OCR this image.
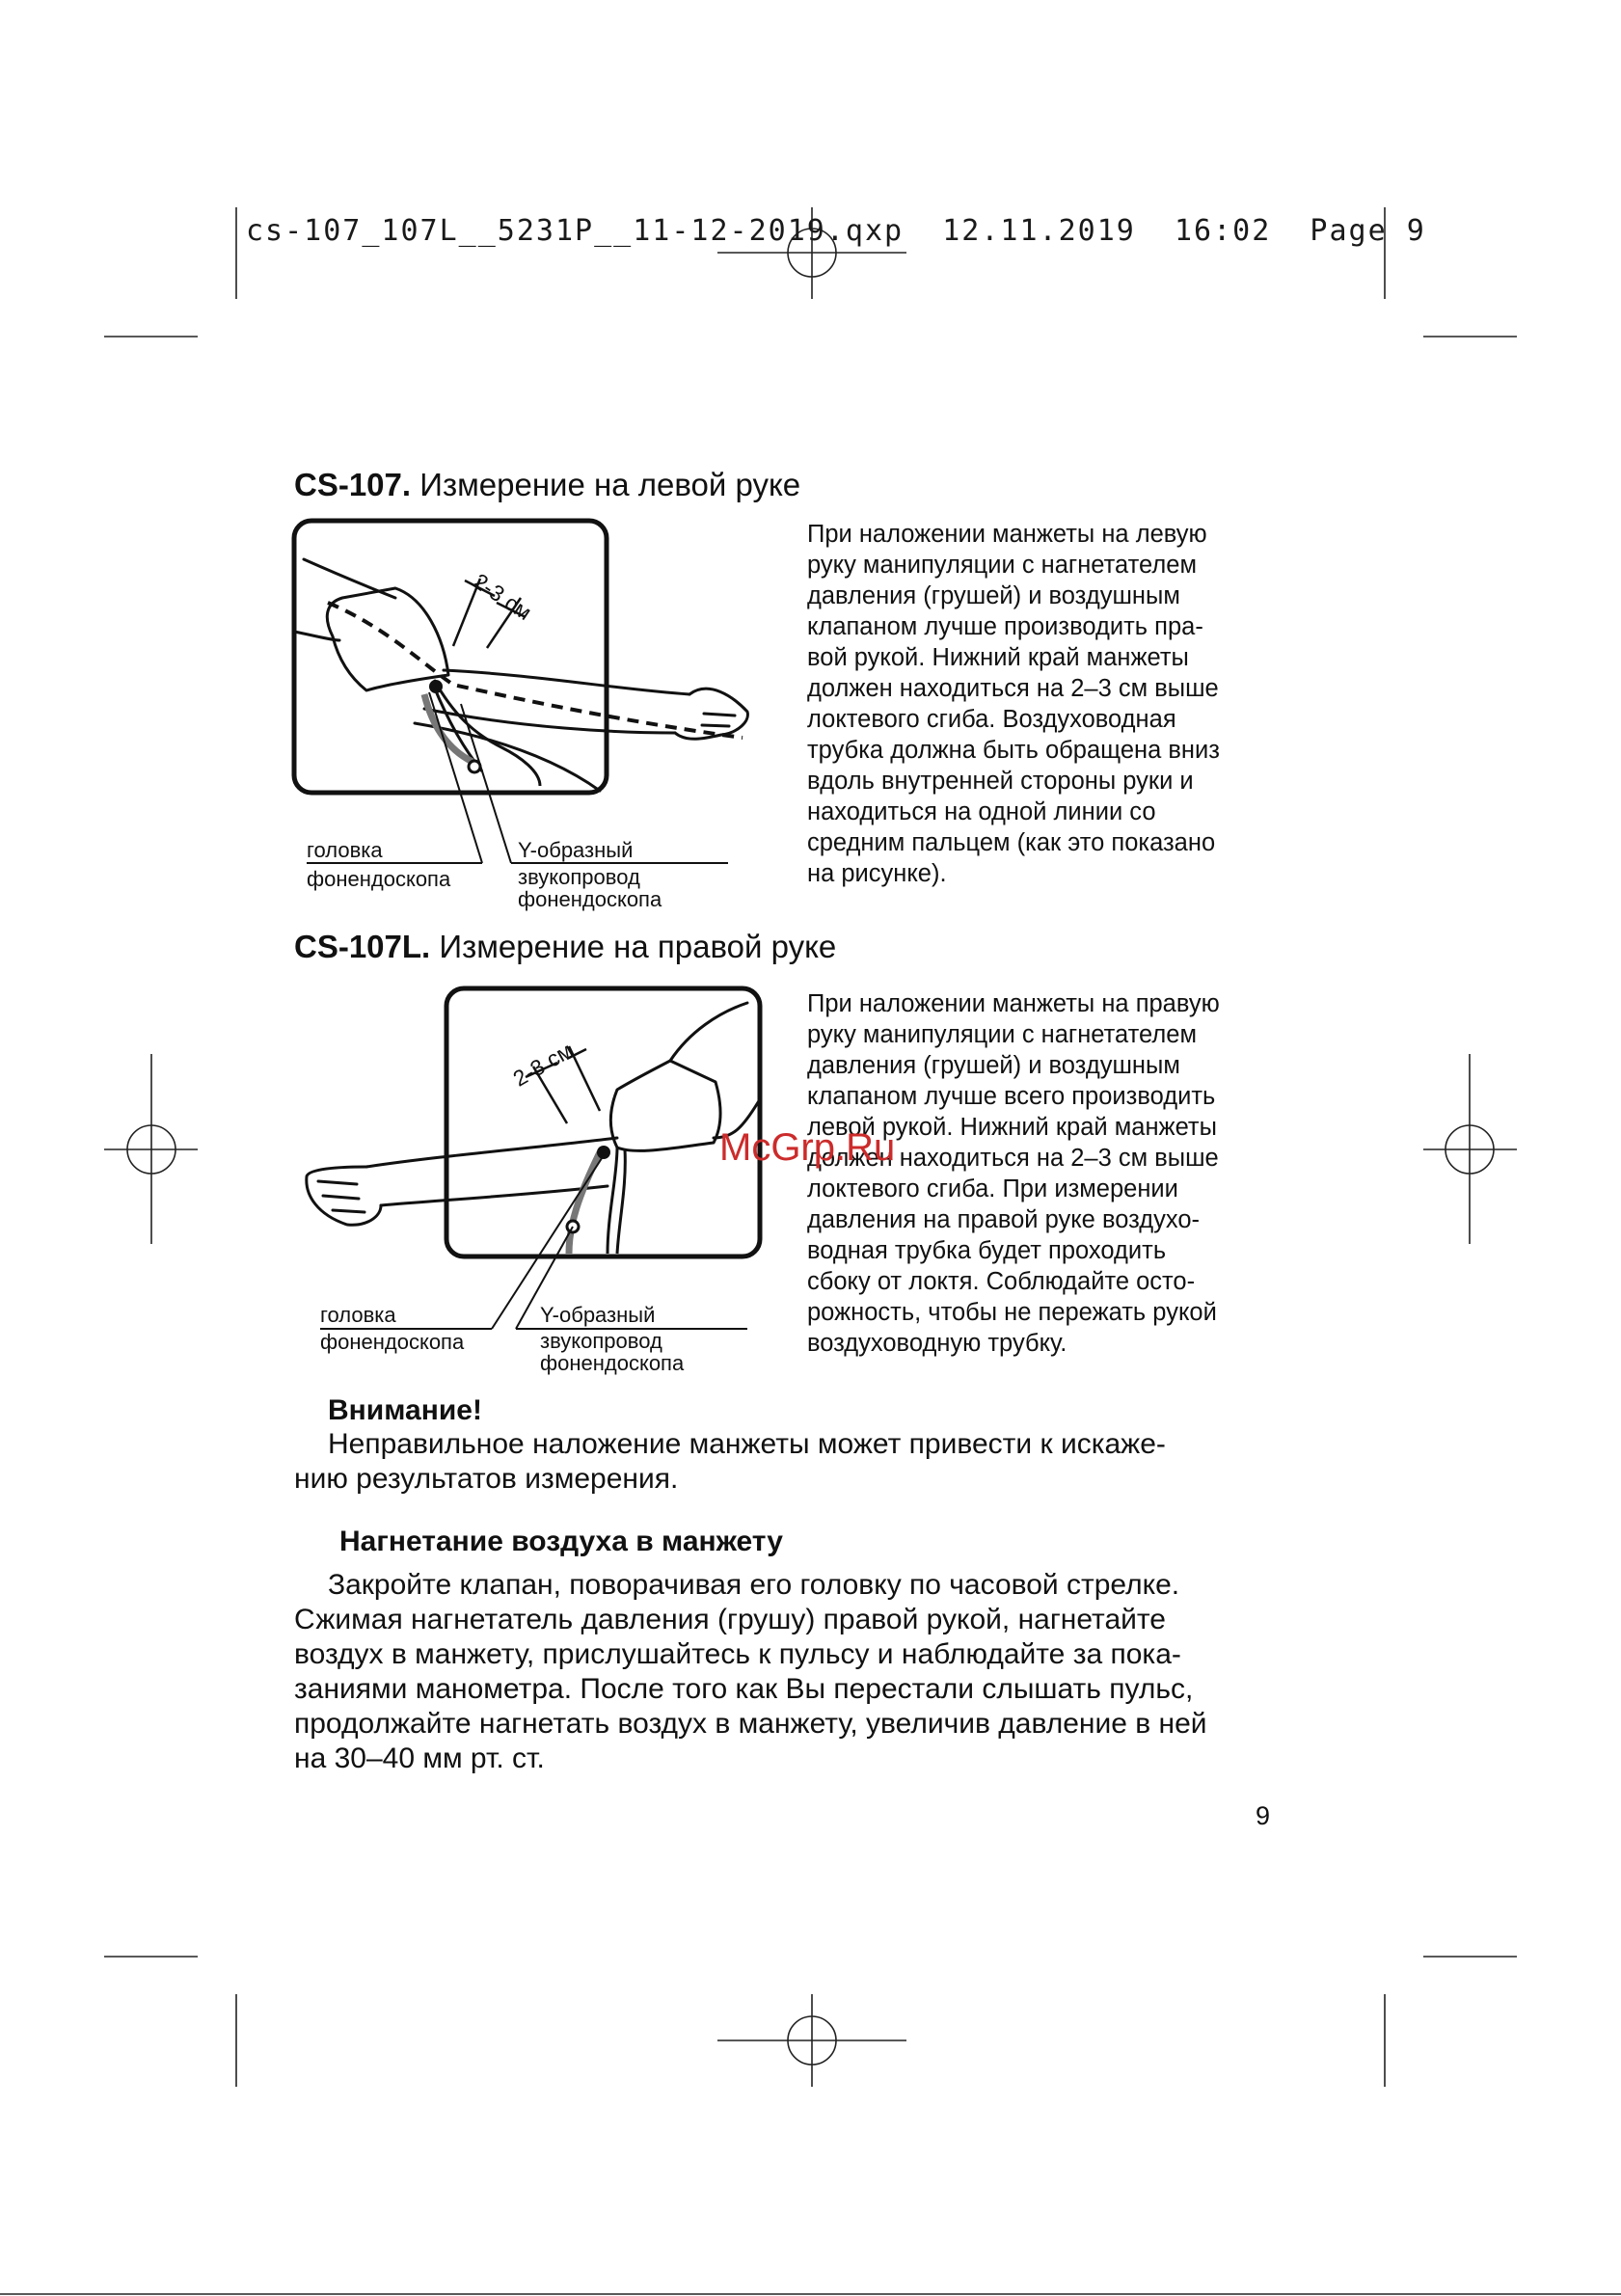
cs-107_107L__5231P__11-12-2019.qxp  12.11.2019  16:02  Page 9
CS-107. Измерение на левой руке
2-3 см
головка
фонендоскопа
Y-образный
звукопровод
фонендоскопа
При наложении манжеты на левую
руку манипуляции с нагнетателем
давления (грушей) и воздушным
клапаном лучше производить пра-
вой рукой. Нижний край манжеты
должен находиться на 2–3 см выше
локтевого сгиба. Воздуховодная
трубка должна быть обращена вниз
вдоль внутренней стороны руки и
находиться на одной линии со
средним пальцем (как это показано
на рисунке).
CS-107L. Измерение на правой руке
2-3 см
головка
фонендоскопа
Y-образный
звукопровод
фонендоскопа
При наложении манжеты на правую
руку манипуляции с нагнетателем
давления (грушей) и воздушным
клапаном лучше всего производить
левой рукой. Нижний край манжеты
должен находиться на 2–3 см выше
локтевого сгиба. При измерении
давления на правой руке воздухо-
водная трубка будет проходить
сбоку от локтя. Соблюдайте осто-
рожность, чтобы не пережать рукой
воздуховодную трубку.
McGrp.Ru
Внимание!
Неправильное наложение манжеты может привести к искаже-
нию результатов измерения.
Нагнетание воздуха в манжету
Закройте клапан, поворачивая его головку по часовой стрелке.
Сжимая нагнетатель давления (грушу) правой рукой, нагнетайте
воздух в манжету, прислушайтесь к пульсу и наблюдайте за пока-
заниями манометра. После того как Вы перестали слышать пульс,
продолжайте нагнетать воздух в манжету, увеличив давление в ней
на 30–40 мм рт. ст.
9
